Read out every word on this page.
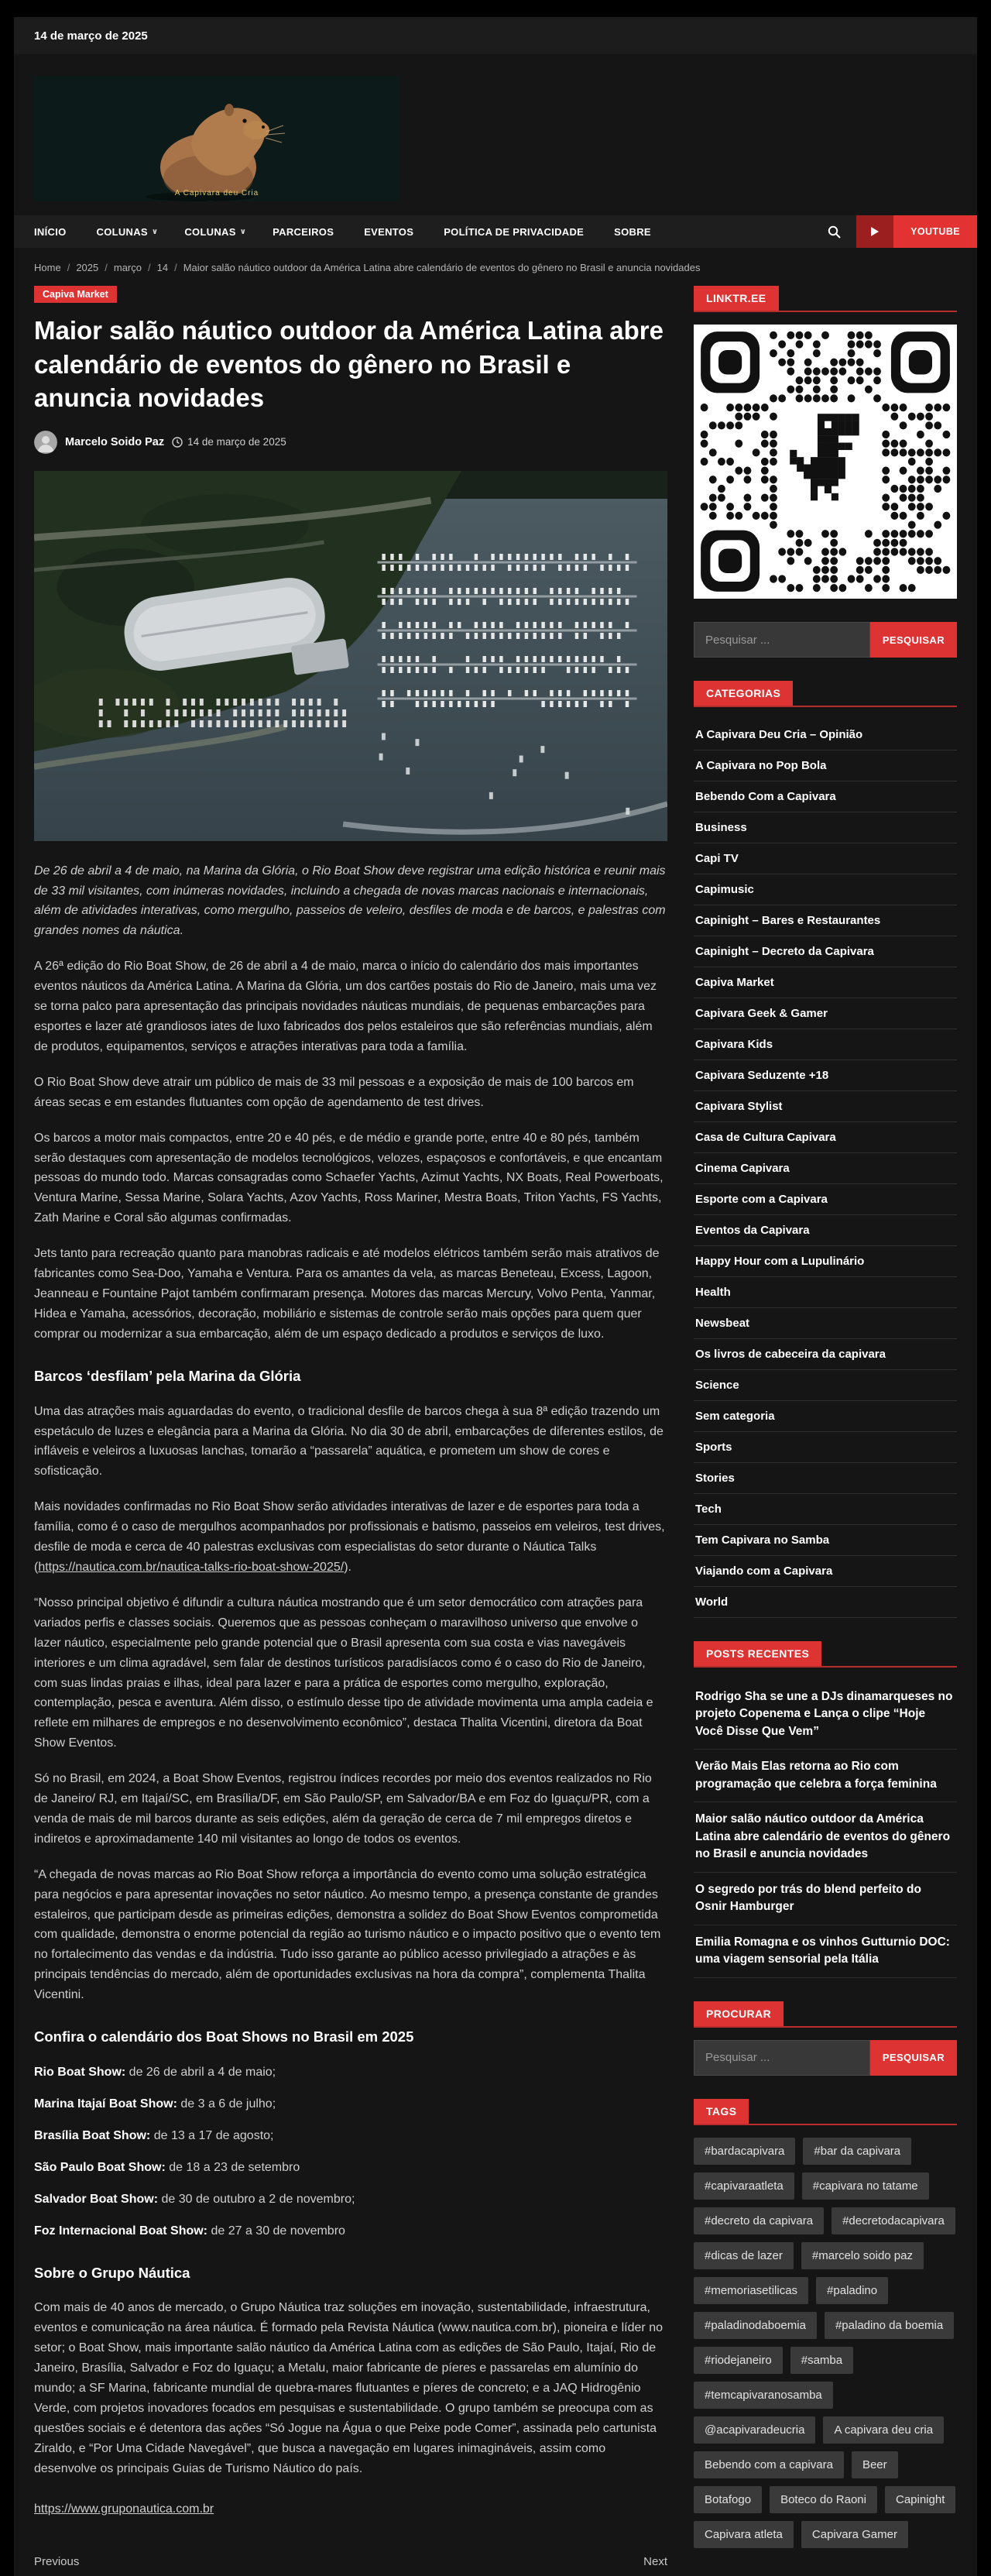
14 de março de 2025
A Capivara deu Cria
INÍCIO	COLUNAS ∨	COLUNAS ∨	PARCEIROS	EVENTOS	POLÍTICA DE PRIVACIDADE	SOBRE	YOUTUBE
Home / 2025 / março / 14 / Maior salão náutico outdoor da América Latina abre calendário de eventos do gênero no Brasil e anuncia novidades
Capiva Market
Maior salão náutico outdoor da América Latina abre calendário de eventos do gênero no Brasil e anuncia novidades
Marcelo Soido Paz 14 de março de 2025
De 26 de abril a 4 de maio, na Marina da Glória, o Rio Boat Show deve registrar uma edição histórica e reunir mais de 33 mil visitantes, com inúmeras novidades, incluindo a chegada de novas marcas nacionais e internacionais, além de atividades interativas, como mergulho, passeios de veleiro, desfiles de moda e de barcos, e palestras com grandes nomes da náutica.
A 26ª edição do Rio Boat Show, de 26 de abril a 4 de maio, marca o início do calendário dos mais importantes eventos náuticos da América Latina. A Marina da Glória, um dos cartões postais do Rio de Janeiro, mais uma vez se torna palco para apresentação das principais novidades náuticas mundiais, de pequenas embarcações para esportes e lazer até grandiosos iates de luxo fabricados dos pelos estaleiros que são referências mundiais, além de produtos, equipamentos, serviços e atrações interativas para toda a família.
O Rio Boat Show deve atrair um público de mais de 33 mil pessoas e a exposição de mais de 100 barcos em áreas secas e em estandes flutuantes com opção de agendamento de test drives.
Os barcos a motor mais compactos, entre 20 e 40 pés, e de médio e grande porte, entre 40 e 80 pés, também serão destaques com apresentação de modelos tecnológicos, velozes, espaçosos e confortáveis, e que encantam pessoas do mundo todo. Marcas consagradas como Schaefer Yachts, Azimut Yachts, NX Boats, Real Powerboats, Ventura Marine, Sessa Marine, Solara Yachts, Azov Yachts, Ross Mariner, Mestra Boats, Triton Yachts, FS Yachts, Zath Marine e Coral são algumas confirmadas.
Jets tanto para recreação quanto para manobras radicais e até modelos elétricos também serão mais atrativos de fabricantes como Sea-Doo, Yamaha e Ventura. Para os amantes da vela, as marcas Beneteau, Excess, Lagoon, Jeanneau e Fountaine Pajot também confirmaram presença. Motores das marcas Mercury, Volvo Penta, Yanmar, Hidea e Yamaha, acessórios, decoração, mobiliário e sistemas de controle serão mais opções para quem quer comprar ou modernizar a sua embarcação, além de um espaço dedicado a produtos e serviços de luxo.
Barcos ‘desfilam’ pela Marina da Glória
Uma das atrações mais aguardadas do evento, o tradicional desfile de barcos chega à sua 8ª edição trazendo um espetáculo de luzes e elegância para a Marina da Glória. No dia 30 de abril, embarcações de diferentes estilos, de infláveis e veleiros a luxuosas lanchas, tomarão a “passarela” aquática, e prometem um show de cores e sofisticação.
Mais novidades confirmadas no Rio Boat Show serão atividades interativas de lazer e de esportes para toda a família, como é o caso de mergulhos acompanhados por profissionais e batismo, passeios em veleiros, test drives, desfile de moda e cerca de 40 palestras exclusivas com especialistas do setor durante o Náutica Talks (https://nautica.com.br/nautica-talks-rio-boat-show-2025/).
“Nosso principal objetivo é difundir a cultura náutica mostrando que é um setor democrático com atrações para variados perfis e classes sociais. Queremos que as pessoas conheçam o maravilhoso universo que envolve o lazer náutico, especialmente pelo grande potencial que o Brasil apresenta com sua costa e vias navegáveis interiores e um clima agradável, sem falar de destinos turísticos paradisíacos como é o caso do Rio de Janeiro, com suas lindas praias e ilhas, ideal para lazer e para a prática de esportes como mergulho, exploração, contemplação, pesca e aventura. Além disso, o estímulo desse tipo de atividade movimenta uma ampla cadeia e reflete em milhares de empregos e no desenvolvimento econômico”, destaca Thalita Vicentini, diretora da Boat Show Eventos.
Só no Brasil, em 2024, a Boat Show Eventos, registrou índices recordes por meio dos eventos realizados no Rio de Janeiro/ RJ, em Itajaí/SC, em Brasília/DF, em São Paulo/SP, em Salvador/BA e em Foz do Iguaçu/PR, com a venda de mais de mil barcos durante as seis edições, além da geração de cerca de 7 mil empregos diretos e indiretos e aproximadamente 140 mil visitantes ao longo de todos os eventos.
“A chegada de novas marcas ao Rio Boat Show reforça a importância do evento como uma solução estratégica para negócios e para apresentar inovações no setor náutico. Ao mesmo tempo, a presença constante de grandes estaleiros, que participam desde as primeiras edições, demonstra a solidez do Boat Show Eventos comprometida com qualidade, demonstra o enorme potencial da região ao turismo náutico e o impacto positivo que o evento tem no fortalecimento das vendas e da indústria. Tudo isso garante ao público acesso privilegiado a atrações e às principais tendências do mercado, além de oportunidades exclusivas na hora da compra”, complementa Thalita Vicentini.
Confira o calendário dos Boat Shows no Brasil em 2025
Rio Boat Show: de 26 de abril a 4 de maio;
Marina Itajaí Boat Show: de 3 a 6 de julho;
Brasília Boat Show: de 13 a 17 de agosto;
São Paulo Boat Show: de 18 a 23 de setembro
Salvador Boat Show: de 30 de outubro a 2 de novembro;
Foz Internacional Boat Show: de 27 a 30 de novembro
Sobre o Grupo Náutica
Com mais de 40 anos de mercado, o Grupo Náutica traz soluções em inovação, sustentabilidade, infraestrutura, eventos e comunicação na área náutica. É formado pela Revista Náutica (www.nautica.com.br), pioneira e líder no setor; o Boat Show, mais importante salão náutico da América Latina com as edições de São Paulo, Itajaí, Rio de Janeiro, Brasília, Salvador e Foz do Iguaçu; a Metalu, maior fabricante de píeres e passarelas em alumínio do mundo; a SF Marina, fabricante mundial de quebra-mares flutuantes e píeres de concreto; e a JAQ Hidrogênio Verde, com projetos inovadores focados em pesquisas e sustentabilidade. O grupo também se preocupa com as questões sociais e é detentora das ações “Só Jogue na Água o que Peixe pode Comer”, assinada pelo cartunista Ziraldo, e “Por Uma Cidade Navegável”, que busca a navegação em lugares inimagináveis, assim como desenvolve os principais Guias de Turismo Náutico do país.
https://www.gruponautica.com.br
Previous	Next
LINKTR.EE
Pesquisar ...
PESQUISAR
CATEGORIAS
A Capivara Deu Cria – Opinião
A Capivara no Pop Bola
Bebendo Com a Capivara
Business
Capi TV
Capimusic
Capinight – Bares e Restaurantes
Capinight – Decreto da Capivara
Capiva Market
Capivara Geek & Gamer
Capivara Kids
Capivara Seduzente +18
Capivara Stylist
Casa de Cultura Capivara
Cinema Capivara
Esporte com a Capivara
Eventos da Capivara
Happy Hour com a Lupulinário
Health
Newsbeat
Os livros de cabeceira da capivara
Science
Sem categoria
Sports
Stories
Tech
Tem Capivara no Samba
Viajando com a Capivara
World
POSTS RECENTES
Rodrigo Sha se une a DJs dinamarqueses no projeto Copenema e Lança o clipe “Hoje Você Disse Que Vem”
Verão Mais Elas retorna ao Rio com programação que celebra a força feminina
Maior salão náutico outdoor da América Latina abre calendário de eventos do gênero no Brasil e anuncia novidades
O segredo por trás do blend perfeito do Osnir Hamburger
Emilia Romagna e os vinhos Gutturnio DOC: uma viagem sensorial pela Itália
PROCURAR
Pesquisar ...
PESQUISAR
TAGS
#bardacapivara	#bar da capivara
#capivaraatleta	#capivara no tatame
#decreto da capivara	#decretodacapivara
#dicas de lazer	#marcelo soido paz
#memoriasetilicas	#paladino
#paladinodaboemia	#paladino da boemia
#riodejaneiro	#samba
#temcapivaranosamba
@acapivaradeucria	A capivara deu cria
Bebendo com a capivara	Beer
Botafogo	Boteco do Raoni	Capinight
Capivara atleta	Capivara Gamer
